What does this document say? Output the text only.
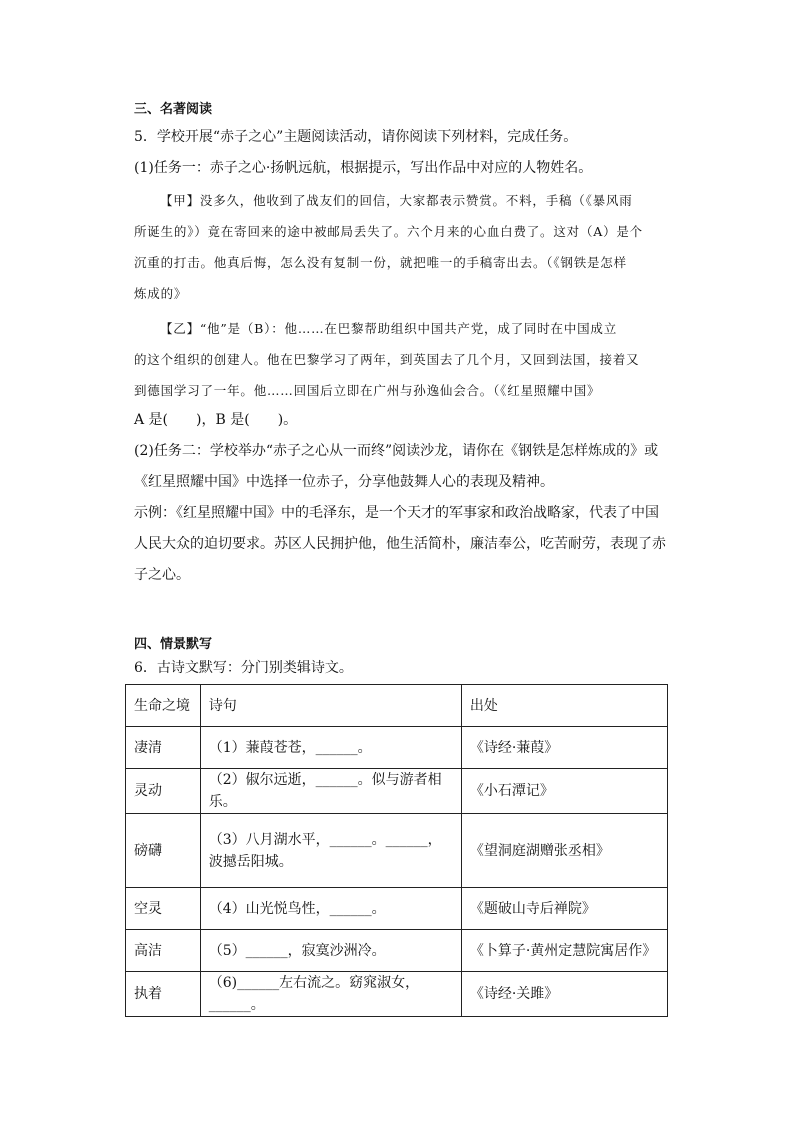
三、名著阅读
5．学校开展“赤子之心”主题阅读活动，请你阅读下列材料，完成任务。
(1)任务一：赤子之心·扬帆远航，根据提示，写出作品中对应的人物姓名。
【甲】没多久，他收到了战友们的回信，大家都表示赞赏。不料，手稿（《暴风雨
所诞生的》）竟在寄回来的途中被邮局丢失了。六个月来的心血白费了。这对（A）是个
沉重的打击。他真后悔，怎么没有复制一份，就把唯一的手稿寄出去。（《钢铁是怎样
炼成的》
【乙】“他”是（B）：他……在巴黎帮助组织中国共产党，成了同时在中国成立
的这个组织的创建人。他在巴黎学习了两年，到英国去了几个月，又回到法国，接着又
到德国学习了一年。他……回国后立即在广州与孙逸仙会合。（《红星照耀中国》
A 是( )，B 是( )。
(2)任务二：学校举办“赤子之心从一而终”阅读沙龙，请你在《钢铁是怎样炼成的》或
《红星照耀中国》中选择一位赤子，分享他鼓舞人心的表现及精神。
示例：《红星照耀中国》中的毛泽东，是一个天才的军事家和政治战略家，代表了中国
人民大众的迫切要求。苏区人民拥护他，他生活简朴，廉洁奉公，吃苦耐劳，表现了赤
子之心。
四、情景默写
6．古诗文默写：分门别类辑诗文。
生命之境	诗句	出处
凄清	（1）蒹葭苍苍，______。	《诗经·蒹葭》
灵动	（2）俶尔远逝，______。似与游者相乐。	《小石潭记》
磅礴	（3）八月湖水平，______。______，波撼岳阳城。	《望洞庭湖赠张丞相》
空灵	（4）山光悦鸟性，______。	《题破山寺后禅院》
高洁	（5）______，寂寞沙洲冷。	《卜算子·黄州定慧院寓居作》
执着	（6)______左右流之。窈窕淑女，______。	《诗经·关雎》
